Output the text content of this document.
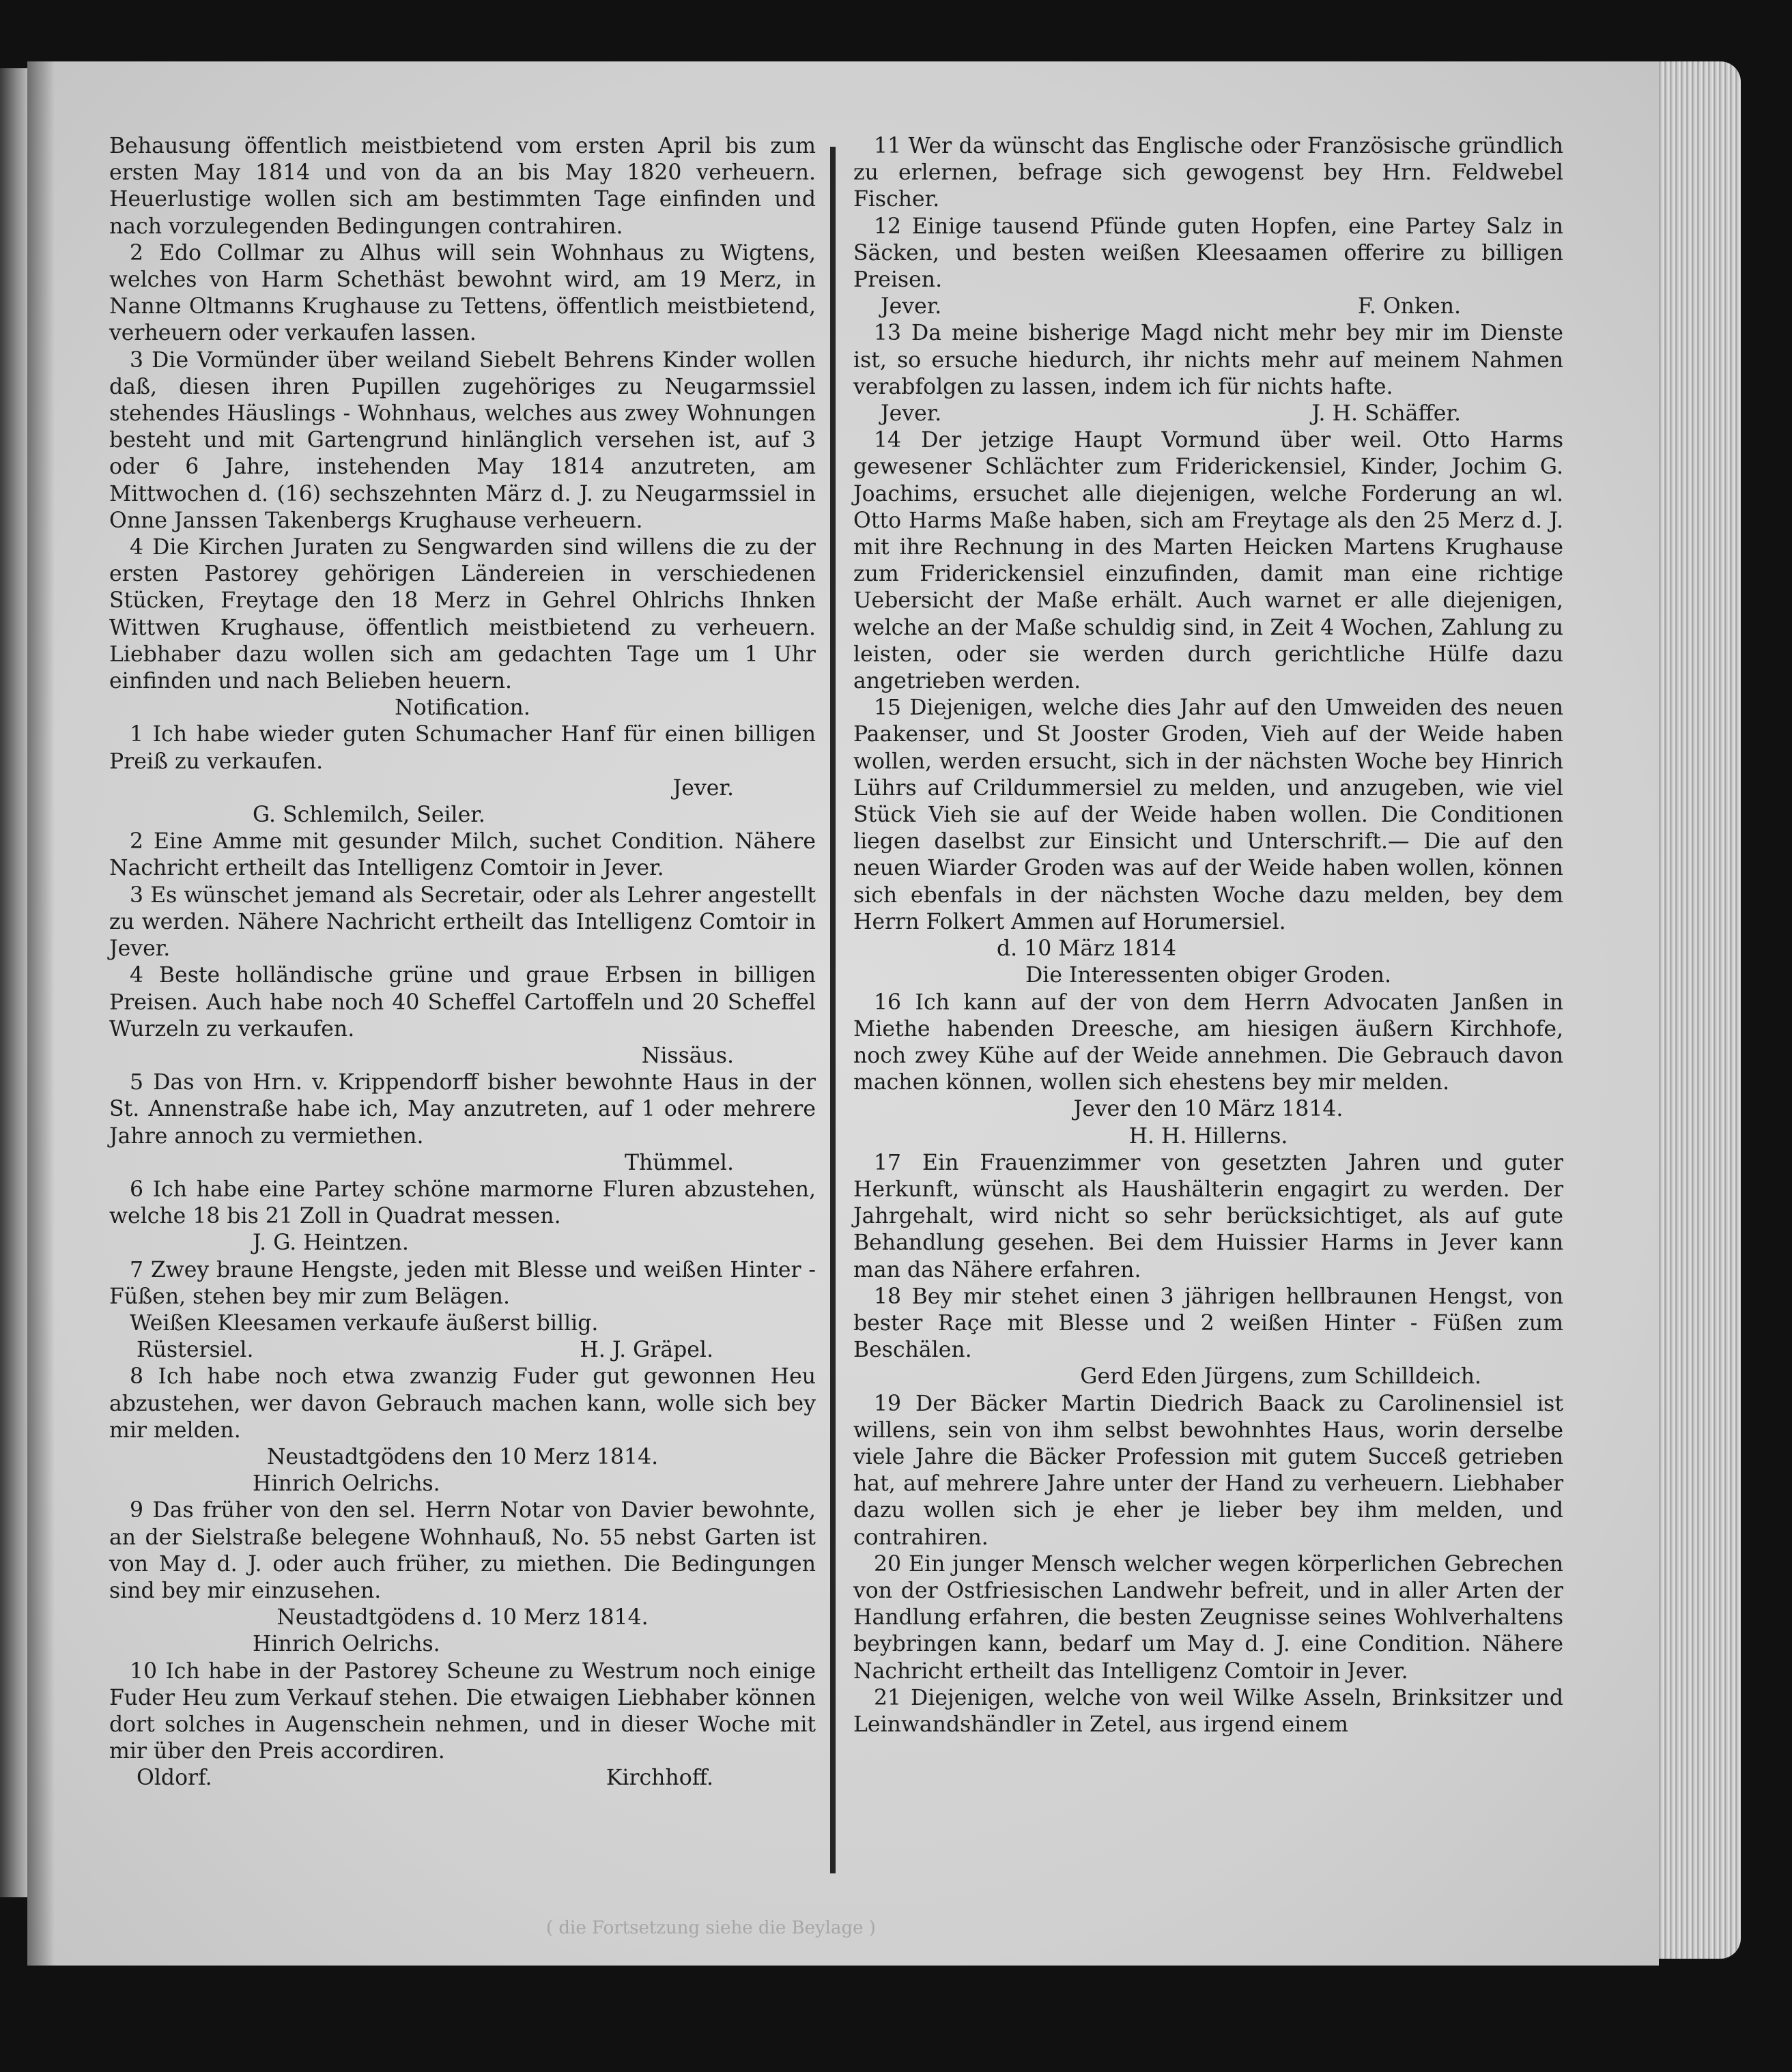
Behausung öffentlich meistbietend vom ersten April bis zum ersten May 1814 und von da an bis May 1820 verheuern. Heuerlustige wollen sich am bestimmten Tage einfinden und nach vorzulegenden Bedingungen contrahiren.

2 Edo Collmar zu Alhus will sein Wohnhaus zu Wigtens, welches von Harm Schethäst bewohnt wird, am 19 Merz, in Nanne Oltmanns Krughause zu Tettens, öffentlich meistbietend, verheuern oder verkaufen lassen.

3 Die Vormünder über weiland Siebelt Behrens Kinder wollen daß, diesen ihren Pupillen zugehöriges zu Neugarmssiel stehendes Häuslings - Wohnhaus, welches aus zwey Wohnungen besteht und mit Gartengrund hinlänglich versehen ist, auf 3 oder 6 Jahre, instehenden May 1814 anzutreten, am Mittwochen d. (16) sechszehnten März d. J. zu Neugarmssiel in Onne Janssen Takenbergs Krughause verheuern.

4 Die Kirchen Juraten zu Sengwarden sind willens die zu der ersten Pastorey gehörigen Ländereien in verschiedenen Stücken, Freytage den 18 Merz in Gehrel Ohlrichs Ihnken Wittwen Krughause, öffentlich meistbietend zu verheuern. Liebhaber dazu wollen sich am gedachten Tage um 1 Uhr einfinden und nach Belieben heuern.

Notification.

1 Ich habe wieder guten Schumacher Hanf für einen billigen Preiß zu verkaufen.

Jever.

G. Schlemilch, Seiler.

2 Eine Amme mit gesunder Milch, suchet Condition. Nähere Nachricht ertheilt das Intelligenz Comtoir in Jever.

3 Es wünschet jemand als Secretair, oder als Lehrer angestellt zu werden. Nähere Nachricht ertheilt das Intelligenz Comtoir in Jever.

4 Beste holländische grüne und graue Erbsen in billigen Preisen. Auch habe noch 40 Scheffel Cartoffeln und 20 Scheffel Wurzeln zu verkaufen.

Nissäus.

5 Das von Hrn. v. Krippendorff bisher bewohnte Haus in der St. Annenstraße habe ich, May anzutreten, auf 1 oder mehrere Jahre annoch zu vermiethen.

Thümmel.

6 Ich habe eine Partey schöne marmorne Fluren abzustehen, welche 18 bis 21 Zoll in Quadrat messen.

J. G. Heintzen.

7 Zwey braune Hengste, jeden mit Blesse und weißen Hinter - Füßen, stehen bey mir zum Belägen.

Weißen Kleesamen verkaufe äußerst billig.

Rüstersiel.	H. J. Gräpel.

8 Ich habe noch etwa zwanzig Fuder gut gewonnen Heu abzustehen, wer davon Gebrauch machen kann, wolle sich bey mir melden.

Neustadtgödens den 10 Merz 1814.

Hinrich Oelrichs.

9 Das früher von den sel. Herrn Notar von Davier bewohnte, an der Sielstraße belegene Wohnhauß, No. 55 nebst Garten ist von May d. J. oder auch früher, zu miethen. Die Bedingungen sind bey mir einzusehen.

Neustadtgödens d. 10 Merz 1814.

Hinrich Oelrichs.

10 Ich habe in der Pastorey Scheune zu Westrum noch einige Fuder Heu zum Verkauf stehen. Die etwaigen Liebhaber können dort solches in Augenschein nehmen, und in dieser Woche mit mir über den Preis accordiren.

Oldorf.	Kirchhoff.

11 Wer da wünscht das Englische oder Französische gründlich zu erlernen, befrage sich gewogenst bey Hrn. Feldwebel Fischer.

12 Einige tausend Pfünde guten Hopfen, eine Partey Salz in Säcken, und besten weißen Kleesaamen offerire zu billigen Preisen.

Jever.	F. Onken.

13 Da meine bisherige Magd nicht mehr bey mir im Dienste ist, so ersuche hiedurch, ihr nichts mehr auf meinem Nahmen verabfolgen zu lassen, indem ich für nichts hafte.

Jever.	J. H. Schäffer.

14 Der jetzige Haupt Vormund über weil. Otto Harms gewesener Schlächter zum Friderickensiel, Kinder, Jochim G. Joachims, ersuchet alle diejenigen, welche Forderung an wl. Otto Harms Maße haben, sich am Freytage als den 25 Merz d. J. mit ihre Rechnung in des Marten Heicken Martens Krughause zum Friderickensiel einzufinden, damit man eine richtige Uebersicht der Maße erhält. Auch warnet er alle diejenigen, welche an der Maße schuldig sind, in Zeit 4 Wochen, Zahlung zu leisten, oder sie werden durch gerichtliche Hülfe dazu angetrieben werden.

15 Diejenigen, welche dies Jahr auf den Umweiden des neuen Paakenser, und St Jooster Groden, Vieh auf der Weide haben wollen, werden ersucht, sich in der nächsten Woche bey Hinrich Lührs auf Crildummersiel zu melden, und anzugeben, wie viel Stück Vieh sie auf der Weide haben wollen. Die Conditionen liegen daselbst zur Einsicht und Unterschrift.— Die auf den neuen Wiarder Groden was auf der Weide haben wollen, können sich ebenfals in der nächsten Woche dazu melden, bey dem Herrn Folkert Ammen auf Horumersiel.

d. 10 März 1814

Die Interessenten obiger Groden.

16 Ich kann auf der von dem Herrn Advocaten Janßen in Miethe habenden Dreesche, am hiesigen äußern Kirchhofe, noch zwey Kühe auf der Weide annehmen. Die Gebrauch davon machen können, wollen sich ehestens bey mir melden.

Jever den 10 März 1814.

H. H. Hillerns.

17 Ein Frauenzimmer von gesetzten Jahren und guter Herkunft, wünscht als Haushälterin engagirt zu werden. Der Jahrgehalt, wird nicht so sehr berücksichtiget, als auf gute Behandlung gesehen. Bei dem Huissier Harms in Jever kann man das Nähere erfahren.

18 Bey mir stehet einen 3 jährigen hellbraunen Hengst, von bester Raçe mit Blesse und 2 weißen Hinter - Füßen zum Beschälen.

Gerd Eden Jürgens, zum Schilldeich.

19 Der Bäcker Martin Diedrich Baack zu Carolinensiel ist willens, sein von ihm selbst bewohnhtes Haus, worin derselbe viele Jahre die Bäcker Profession mit gutem Succeß getrieben hat, auf mehrere Jahre unter der Hand zu verheuern. Liebhaber dazu wollen sich je eher je lieber bey ihm melden, und contrahiren.

20 Ein junger Mensch welcher wegen körperlichen Gebrechen von der Ostfriesischen Landwehr befreit, und in aller Arten der Handlung erfahren, die besten Zeugnisse seines Wohlverhaltens beybringen kann, bedarf um May d. J. eine Condition. Nähere Nachricht ertheilt das Intelligenz Comtoir in Jever.

21 Diejenigen, welche von weil Wilke Asseln, Brinksitzer und Leinwandshändler in Zetel, aus irgend einem

( die Fortsetzung siehe die Beylage )
